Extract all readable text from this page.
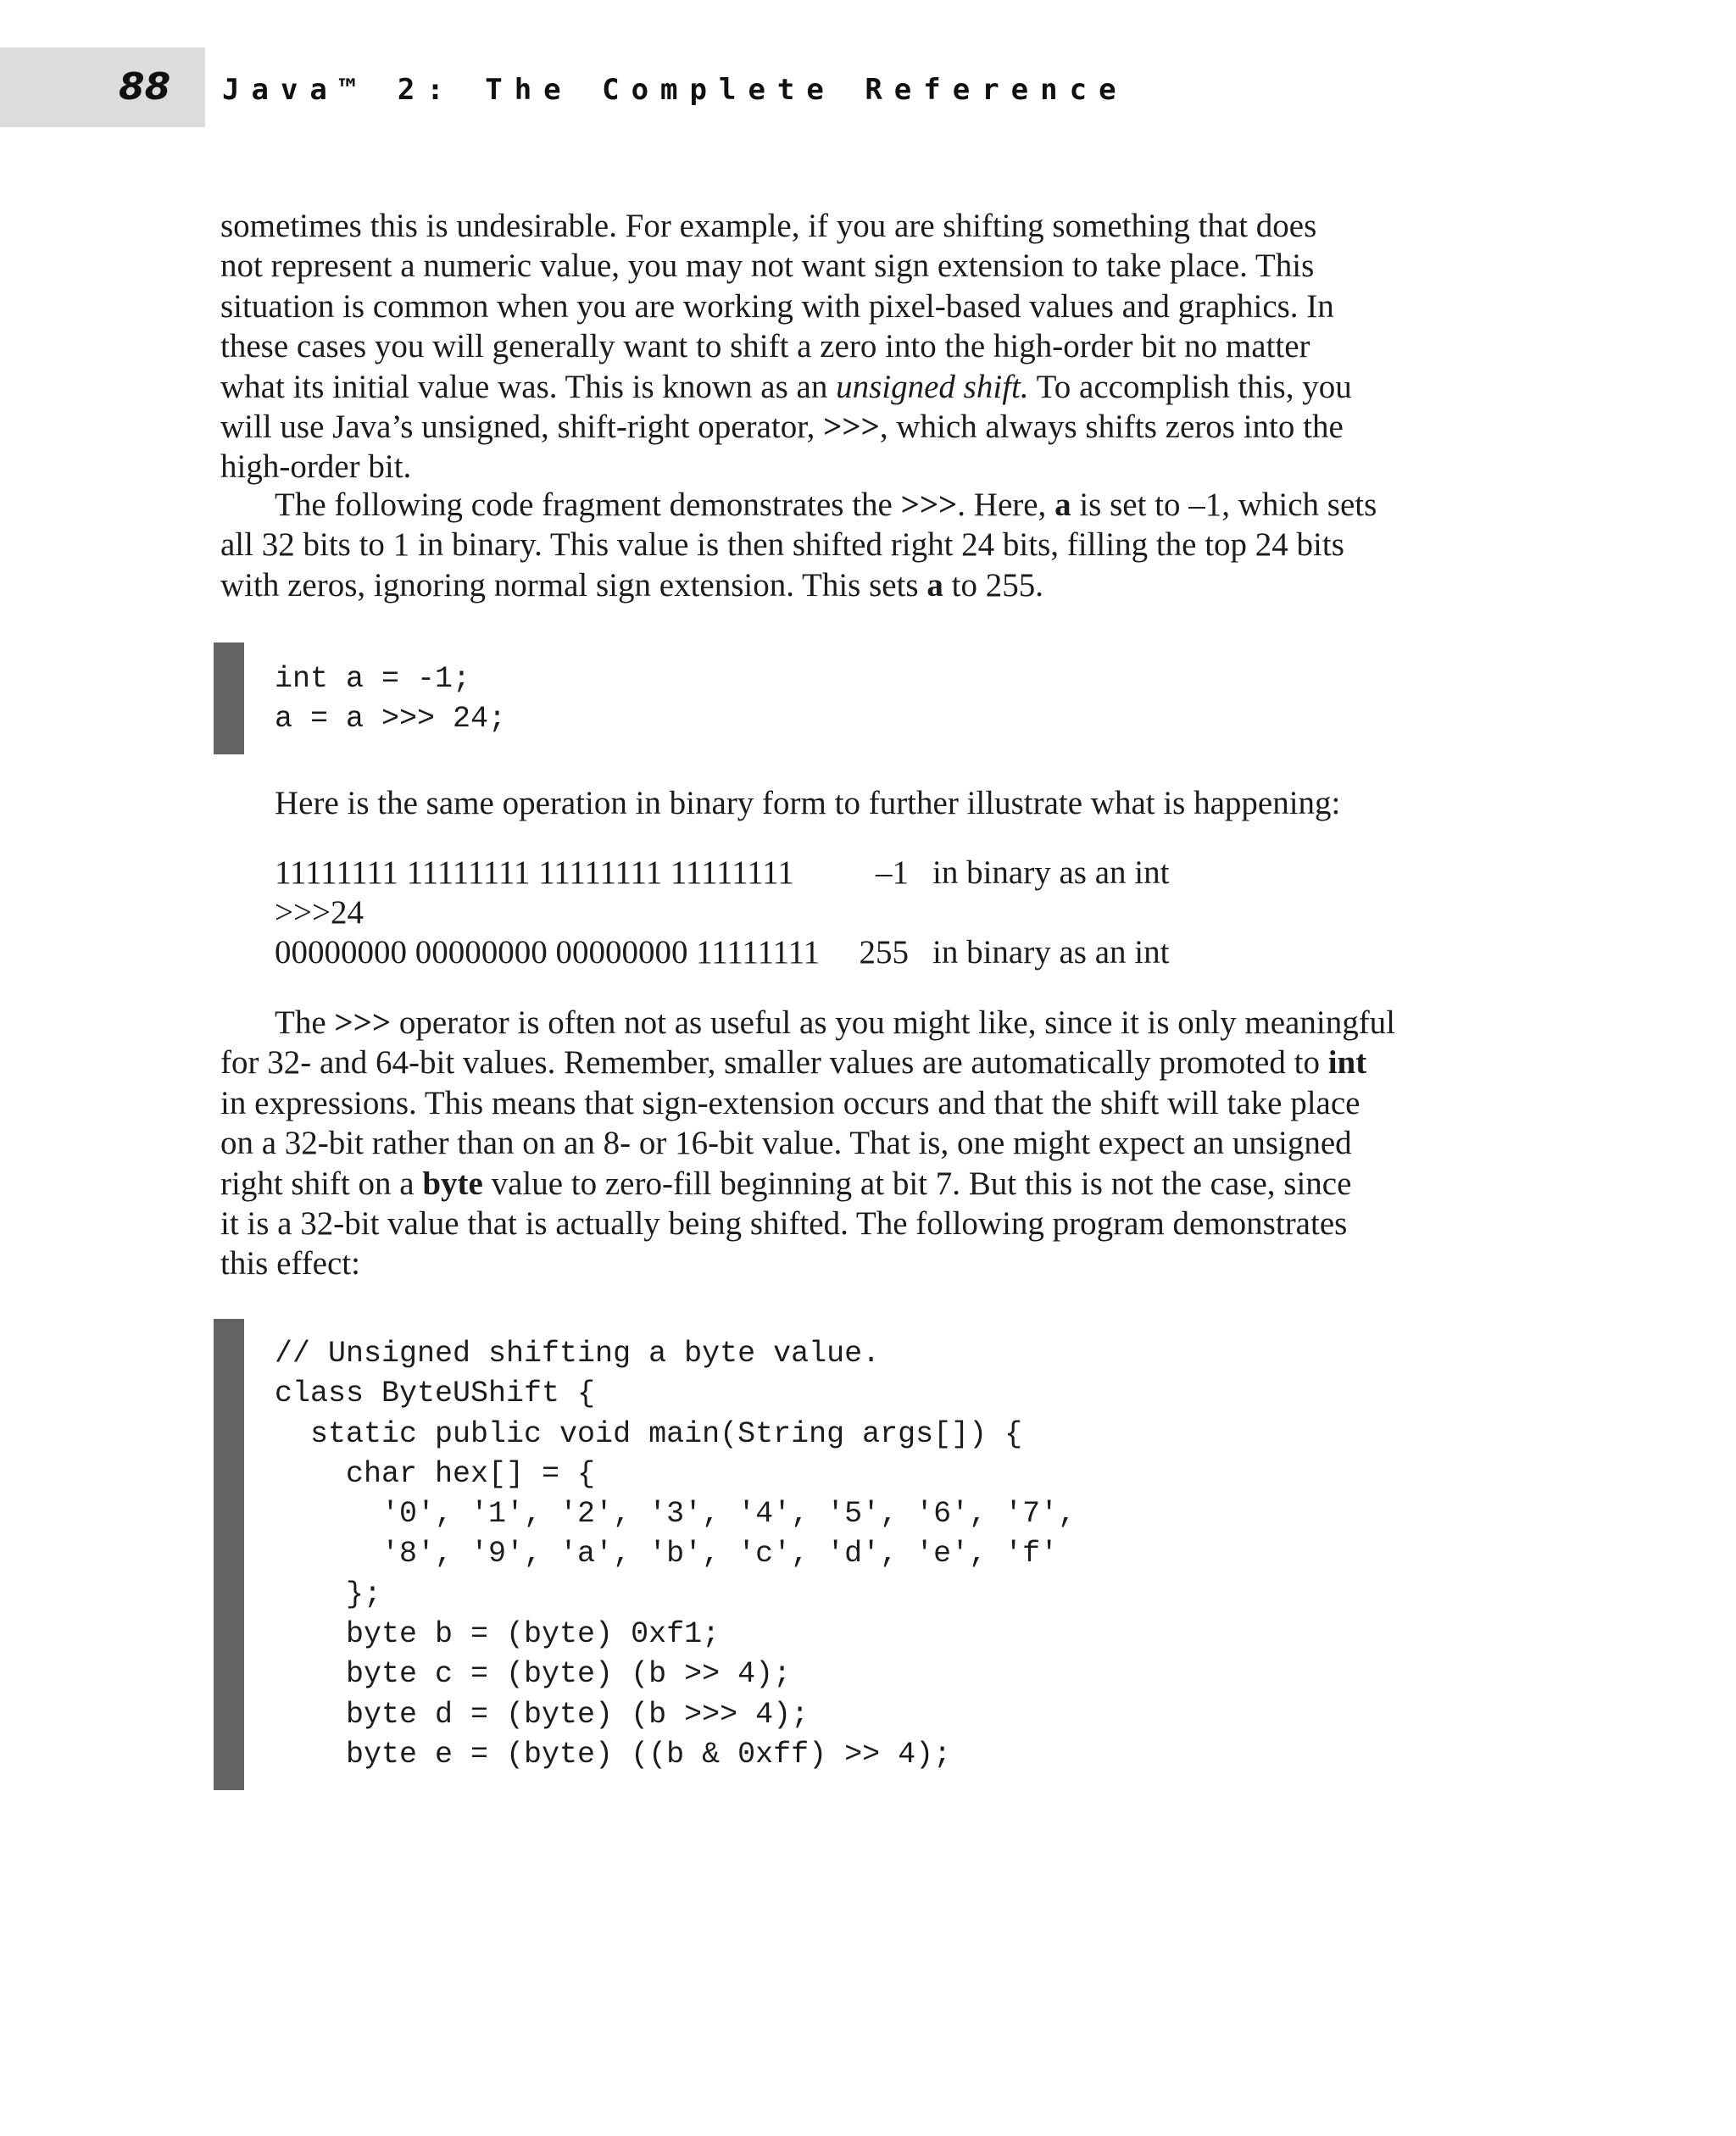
88 Java™ 2: The Complete Reference

sometimes this is undesirable. For example, if you are shifting something that does
not represent a numeric value, you may not want sign extension to take place. This
situation is common when you are working with pixel-based values and graphics. In
these cases you will generally want to shift a zero into the high-order bit no matter
what its initial value was. This is known as an unsigned shift. To accomplish this, you
will use Java’s unsigned, shift-right operator, >>>, which always shifts zeros into the
high-order bit.

The following code fragment demonstrates the >>>. Here, a is set to –1, which sets
all 32 bits to 1 in binary. This value is then shifted right 24 bits, filling the top 24 bits
with zeros, ignoring normal sign extension. This sets a to 255.

int a = -1;
a = a >>> 24;
Here is the same operation in binary form to further illustrate what is happening:
11111111 11111111 11111111 11111111	–1 in binary as an int
>>>24
00000000 00000000 00000000 11111111	255 in binary as an int

The >>> operator is often not as useful as you might like, since it is only meaningful
for 32- and 64-bit values. Remember, smaller values are automatically promoted to int
in expressions. This means that sign-extension occurs and that the shift will take place
on a 32-bit rather than on an 8- or 16-bit value. That is, one might expect an unsigned
right shift on a byte value to zero-fill beginning at bit 7. But this is not the case, since
it is a 32-bit value that is actually being shifted. The following program demonstrates
this effect:

// Unsigned shifting a byte value.
class ByteUShift {
static public void main(String args[]) {
char hex[] = {
'0', '1', '2', '3', '4', '5', '6', '7',
'8', '9', 'a', 'b', 'c', 'd', 'e', 'f'
};
byte b = (byte) 0xf1;
byte c = (byte) (b >> 4);
byte d = (byte) (b >>> 4);
byte e = (byte) ((b & 0xff) >> 4);
